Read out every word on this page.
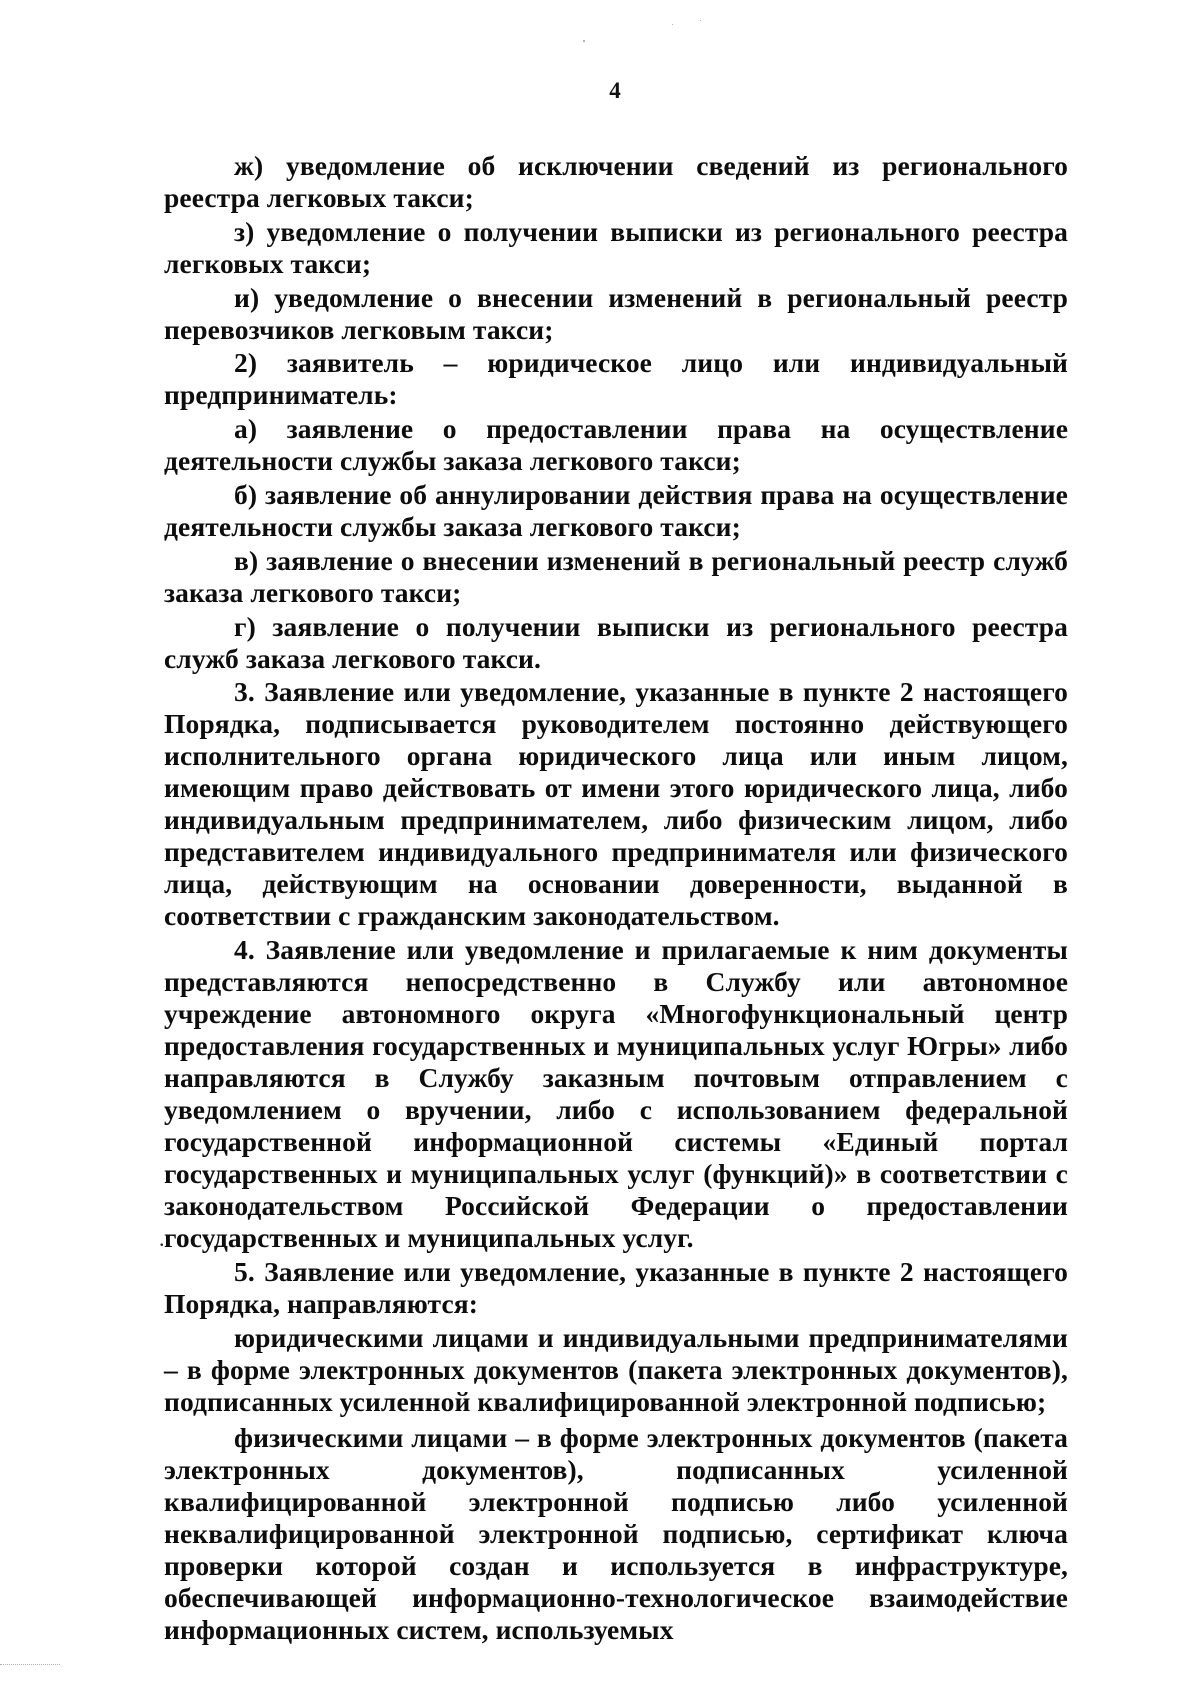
4

ж) уведомление об исключении сведений из регионального реестра легковых такси;

з) уведомление о получении выписки из регионального реестра легковых такси;

и) уведомление о внесении изменений в региональный реестр перевозчиков легковым такси;

2) заявитель – юридическое лицо или индивидуальный предприниматель:

а) заявление о предоставлении права на осуществление деятельности службы заказа легкового такси;

б) заявление об аннулировании действия права на осуществление деятельности службы заказа легкового такси;

в) заявление о внесении изменений в региональный реестр служб заказа легкового такси;

г) заявление о получении выписки из регионального реестра служб заказа легкового такси.

3. Заявление или уведомление, указанные в пункте 2 настоящего Порядка, подписывается руководителем постоянно действующего исполнительного органа юридического лица или иным лицом, имеющим право действовать от имени этого юридического лица, либо индивидуальным предпринимателем, либо физическим лицом, либо представителем индивидуального предпринимателя или физического лица, действующим на основании доверенности, выданной в соответствии с гражданским законодательством.

4. Заявление или уведомление и прилагаемые к ним документы представляются непосредственно в Службу или автономное учреждение автономного округа «Многофункциональный центр предоставления государственных и муниципальных услуг Югры» либо направляются в Службу заказным почтовым отправлением с уведомлением о вручении, либо с использованием федеральной государственной информационной системы «Единый портал государственных и муниципальных услуг (функций)» в соответствии с законодательством Российской Федерации о предоставлении государственных и муниципальных услуг.

5. Заявление или уведомление, указанные в пункте 2 настоящего Порядка, направляются:

юридическими лицами и индивидуальными предпринимателями – в форме электронных документов (пакета электронных документов), подписанных усиленной квалифицированной электронной подписью;

физическими лицами – в форме электронных документов (пакета электронных документов), подписанных усиленной квалифицированной электронной подписью либо усиленной неквалифицированной электронной подписью, сертификат ключа проверки которой создан и используется в инфраструктуре, обеспечивающей информационно-технологическое взаимодействие информационных систем, используемых

.
